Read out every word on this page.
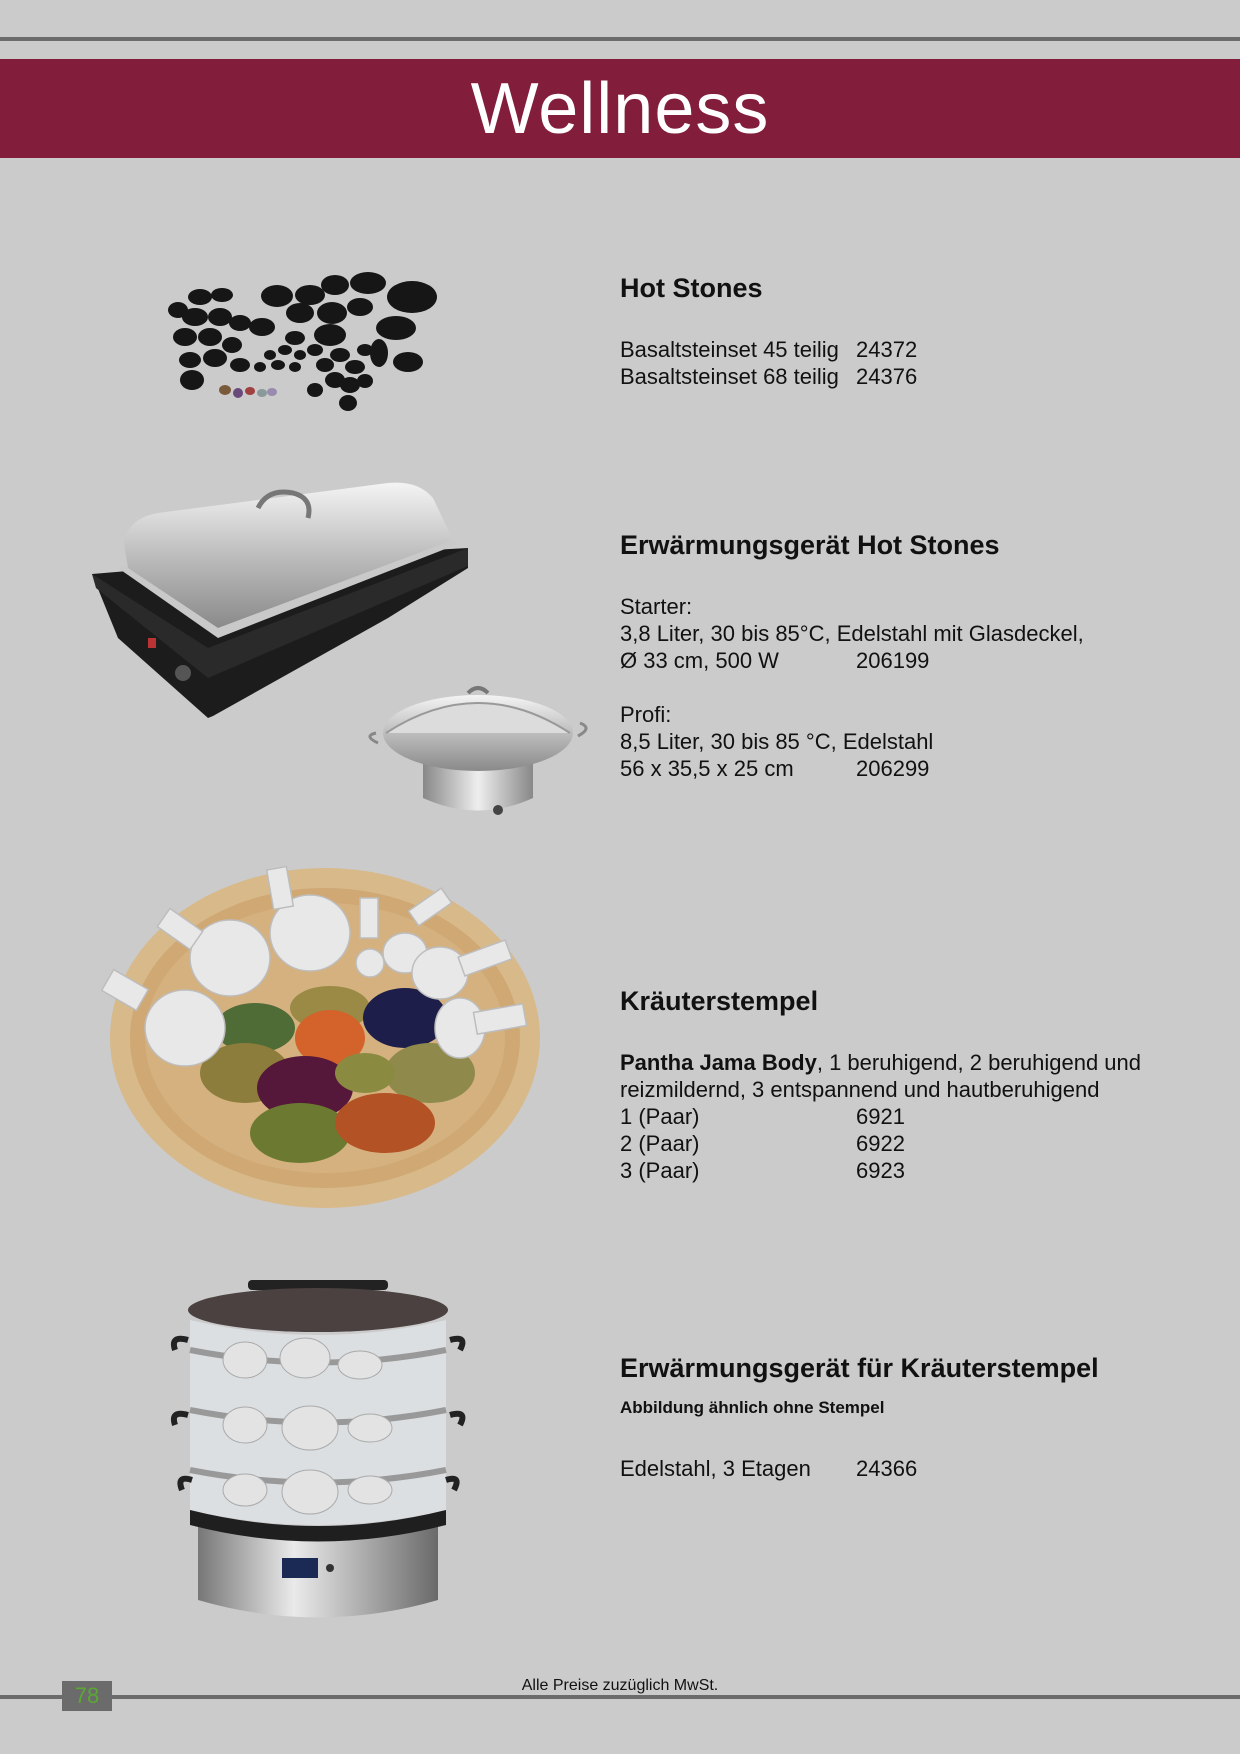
Wellness

Hot Stones

Basaltsteinset 45 teilig 24372
Basaltsteinset 68 teilig 24376

Erwärmungsgerät Hot Stones

Starter:
3,8 Liter, 30 bis 85°C, Edelstahl mit Glasdeckel,
Ø 33 cm, 500 W	206199
Profi:
8,5 Liter, 30 bis 85 °C, Edelstahl
56 x 35,5 x 25 cm	206299

Kräuterstempel

Pantha Jama Body, 1 beruhigend, 2 beruhigend und reizmildernd, 3 entspannend und hautberuhigend
1 (Paar)	6921
2 (Paar)	6922
3 (Paar)	6923

Erwärmungsgerät für Kräuterstempel

Abbildung ähnlich ohne Stempel
Edelstahl, 3 Etagen	24366
Alle Preise zuzüglich MwSt.
78
